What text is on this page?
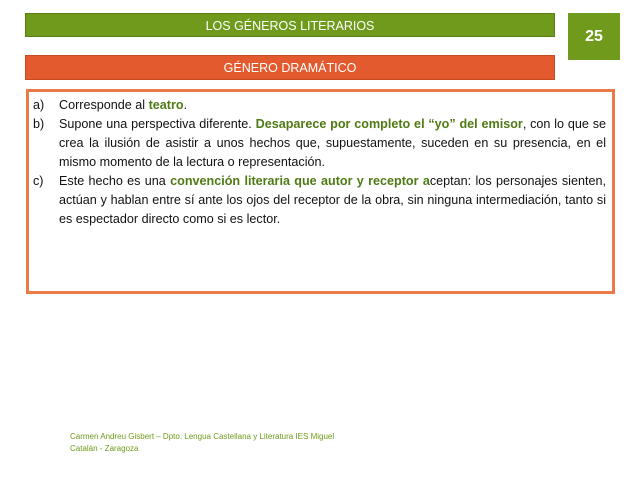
LOS GÉNEROS LITERARIOS
25
GÉNERO DRAMÁTICO
a)	Corresponde al teatro.
b)	Supone una perspectiva diferente. Desaparece por completo el “yo” del emisor, con lo que se crea la ilusión de asistir a unos hechos que, supuestamente, suceden en su presencia, en el mismo momento de la lectura o representación.
c)	Este hecho es una convención literaria que autor y receptor aceptan: los personajes sienten, actúan y hablan entre sí ante los ojos del receptor de la obra, sin ninguna intermediación, tanto si es espectador directo como si es lector.
Carmen Andreu Gisbert – Dpto. Lengua Castellana y Literatura IES Miguel
Catalán - Zaragoza
